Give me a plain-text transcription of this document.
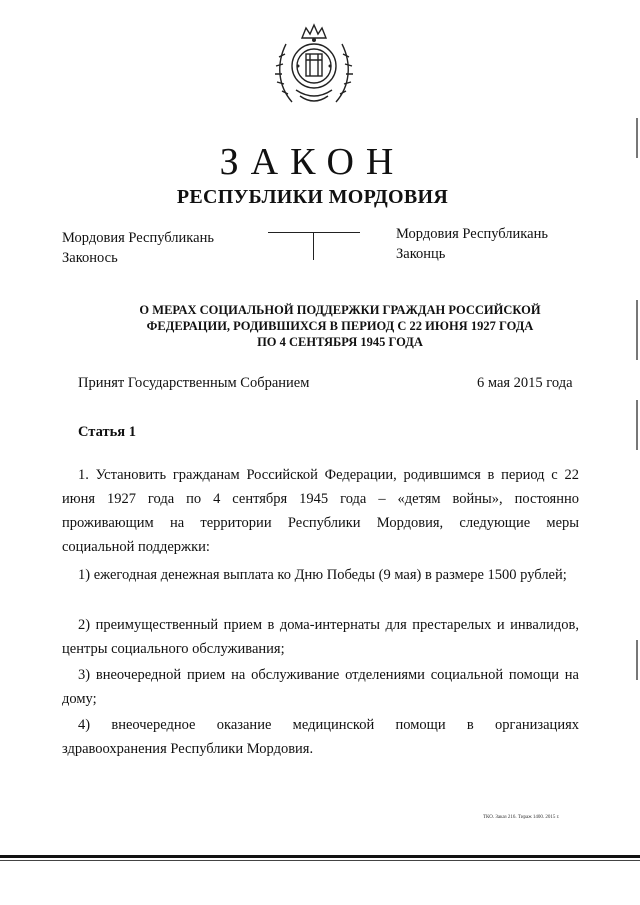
ЗАКОН
РЕСПУБЛИКИ МОРДОВИЯ
Мордовия Республикань
Законось
Мордовия Республикань
Законць
О МЕРАХ СОЦИАЛЬНОЙ ПОДДЕРЖКИ ГРАЖДАН РОССИЙСКОЙ
ФЕДЕРАЦИИ, РОДИВШИХСЯ В ПЕРИОД С 22 ИЮНЯ 1927 ГОДА
ПО 4 СЕНТЯБРЯ 1945 ГОДА
Принят Государственным Собранием	6 мая 2015 года
Статья 1

1. Установить гражданам Российской Федерации, родившимся в период с 22 июня 1927 года по 4 сентября 1945 года – «детям войны», постоянно проживающим на территории Республики Мордовия, следующие меры социальной поддержки:

1) ежегодная денежная выплата ко Дню Победы (9 мая) в размере 1500 рублей;

2) преимущественный прием в дома-интернаты для престарелых и инвалидов, центры социального обслуживания;

3) внеочередной прием на обслуживание отделениями социальной помощи на дому;

4) внеочередное оказание медицинской помощи в организациях здравоохранения Республики Мордовия.

ТКО. Заказ 216. Тираж 1400. 2015 г.
